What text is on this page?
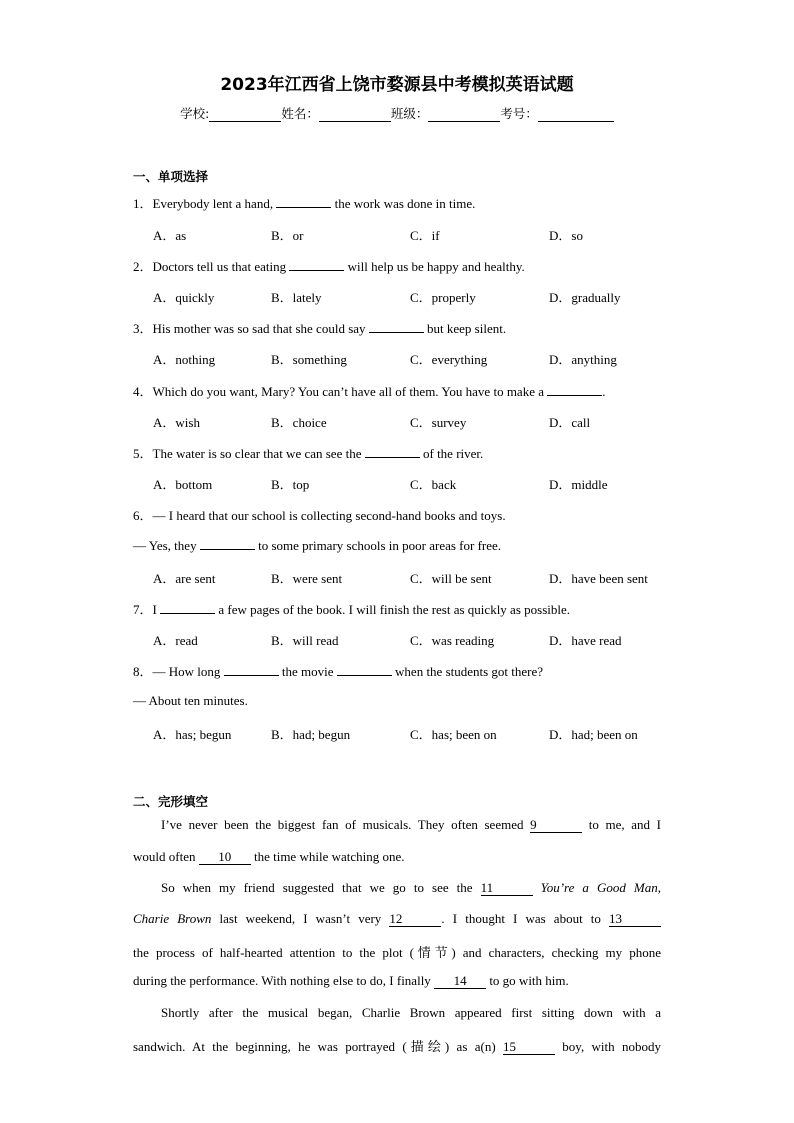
2023年江西省上饶市婺源县中考模拟英语试题
学校:	姓名：	班级：	考号：
一、单项选择
1．Everybody lent a hand,	the work was done in time.
A．as	B．or	C．if	D．so
2．Doctors tell us that eating	will help us be happy and healthy.
A．quickly	B．lately	C．properly	D．gradually
3．His mother was so sad that she could say	but keep silent.
A．nothing	B．something	C．everything	D．anything
4．Which do you want, Mary? You can’t have all of them. You have to make a	.
A．wish	B．choice	C．survey	D．call
5．The water is so clear that we can see the	of the river.
A．bottom	B．top	C．back	D．middle
6．— I heard that our school is collecting second-hand books and toys.
— Yes, they	to some primary schools in poor areas for free.
A．are sent	B．were sent	C．will be sent	D．have been sent
7．I	a few pages of the book. I will finish the rest as quickly as possible.
A．read	B．will read	C．was reading	D．have read
8．— How long	the movie	when the students got there?
— About ten minutes.
A．has; begun	B．had; begun	C．has; been on	D．had; been on
二、完形填空
I’ve never been the biggest fan of musicals. They often seemed 9	to me, and I
would often 10 the time while watching one.
So when my friend suggested that we go to see the 11	You’re a Good Man,
Charie Brown last weekend, I wasn’t very 12	. I thought I was about to 13
the process of half-hearted attention to the plot (情节) and characters, checking my phone
during the performance. With nothing else to do, I finally 14 to go with him.
Shortly after the musical began, Charlie Brown appeared first sitting down with a
sandwich. At the beginning, he was portrayed (描绘) as a(n) 15	boy, with nobody
